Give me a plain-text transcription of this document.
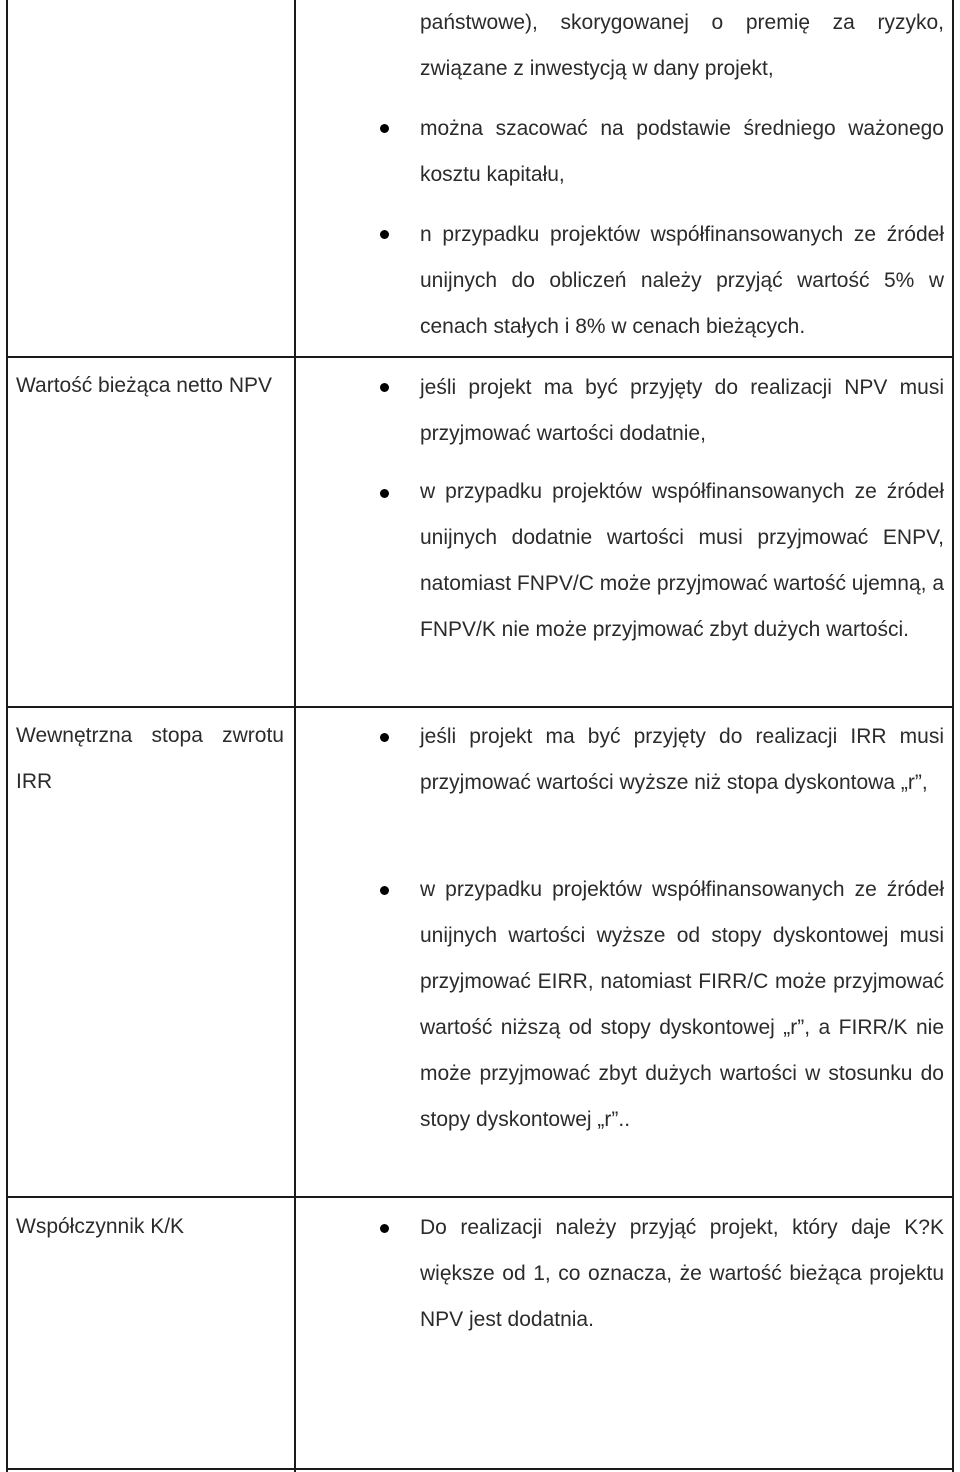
państwowe), skorygowanej o premię za ryzyko, związane z inwestycją w dany projekt,
można szacować na podstawie średniego ważonego kosztu kapitału,
n przypadku projektów współfinansowanych ze źródeł unijnych do obliczeń należy przyjąć wartość 5% w cenach stałych i 8% w cenach bieżących.
Wartość bieżąca netto NPV	jeśli projekt ma być przyjęty do realizacji NPV musi przyjmować wartości dodatnie,
w przypadku projektów współfinansowanych ze źródeł unijnych dodatnie wartości musi przyjmować ENPV, natomiast FNPV/C może przyjmować wartość ujemną, a FNPV/K nie może przyjmować zbyt dużych wartości.
Wewnętrzna stopa zwrotu IRR
jeśli projekt ma być przyjęty do realizacji IRR musi przyjmować wartości wyższe niż stopa dyskontowa „r”,
w przypadku projektów współfinansowanych ze źródeł unijnych wartości wyższe od stopy dyskontowej musi przyjmować EIRR, natomiast FIRR/C może przyjmować wartość niższą od stopy dyskontowej „r”, a FIRR/K nie może przyjmować zbyt dużych wartości w stosunku do stopy dyskontowej „r”..
Współczynnik K/K	Do realizacji należy przyjąć projekt, który daje K?K większe od 1, co oznacza, że wartość bieżąca projektu NPV jest dodatnia.
